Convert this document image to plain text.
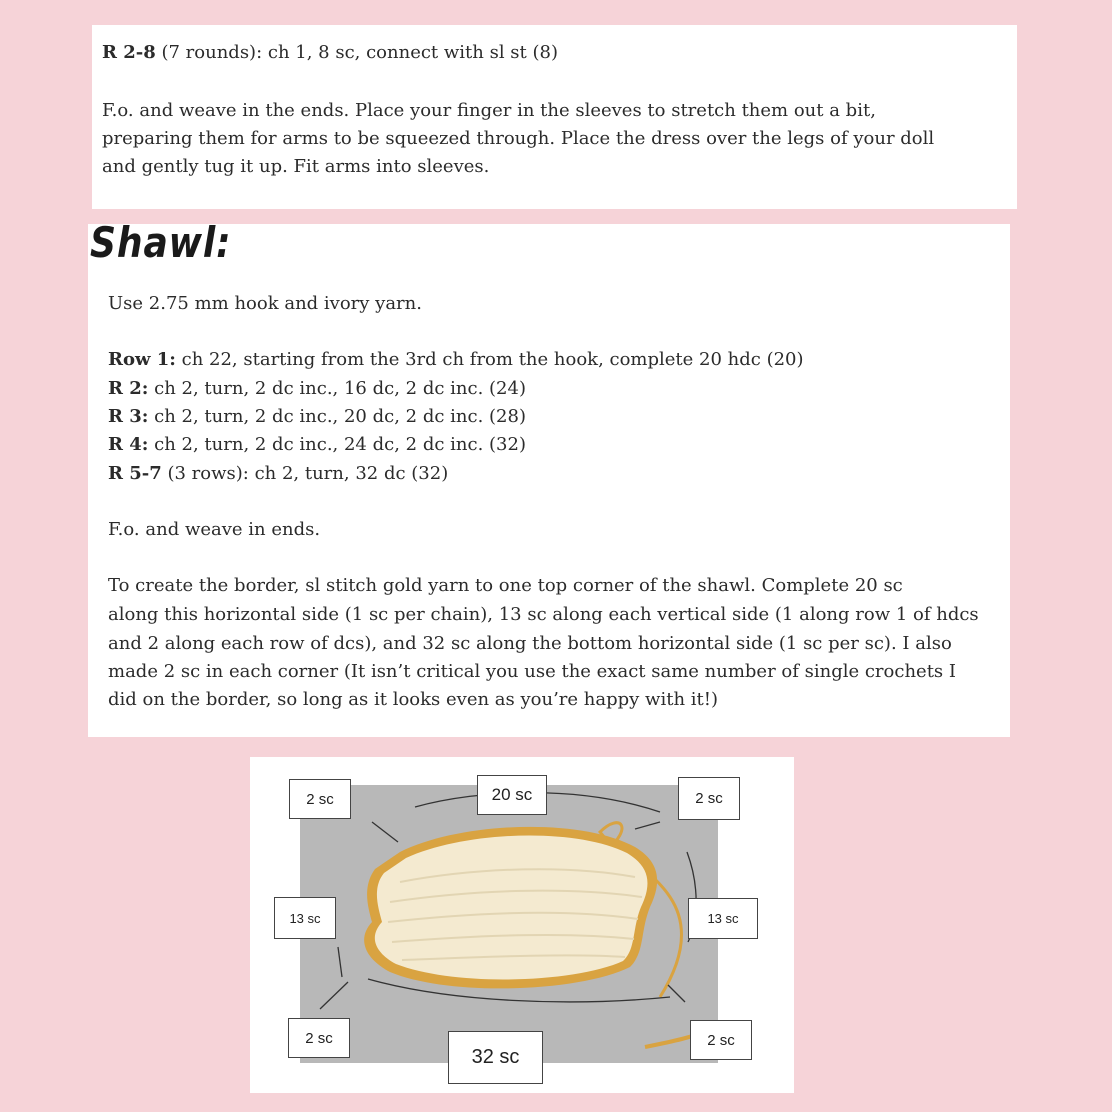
R 2-8 (7 rounds): ch 1, 8 sc, connect with sl st (8)
F.o. and weave in the ends. Place your finger in the sleeves to stretch them out a bit,
preparing them for arms to be squeezed through. Place the dress over the legs of your doll
and gently tug it up. Fit arms into sleeves.
Shawl:
Use 2.75 mm hook and ivory yarn.
Row 1: ch 22, starting from the 3rd ch from the hook, complete 20 hdc (20)
R 2: ch 2, turn, 2 dc inc., 16 dc, 2 dc inc. (24)
R 3: ch 2, turn, 2 dc inc., 20 dc, 2 dc inc. (28)
R 4: ch 2, turn, 2 dc inc., 24 dc, 2 dc inc. (32)
R 5-7 (3 rows): ch 2, turn, 32 dc (32)
F.o. and weave in ends.
To create the border, sl stitch gold yarn to one top corner of the shawl. Complete 20 sc
along this horizontal side (1 sc per chain), 13 sc along each vertical side (1 along row 1 of hdcs
and 2 along each row of dcs), and 32 sc along the bottom horizontal side (1 sc per sc). I also
made 2 sc in each corner (It isn’t critical you use the exact same number of single crochets I
did on the border, so long as it looks even as you’re happy with it!)
2 sc	20 sc	2 sc
13 sc	13 sc
2 sc
32 sc
2 sc
